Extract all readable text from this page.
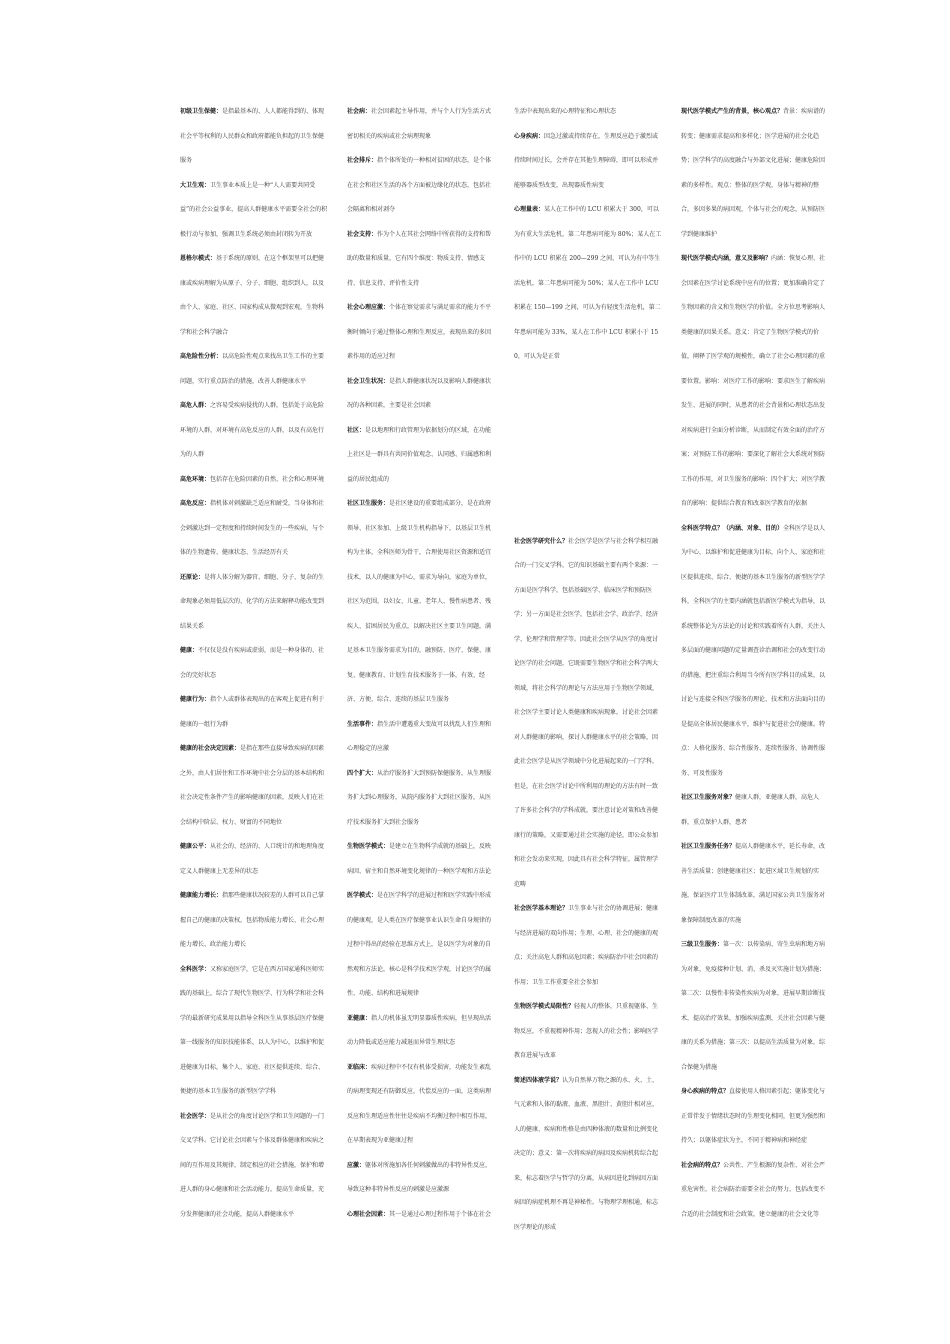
初级卫生保健：是指最基本的、人人都能得到的、体现社会平等权利的人民群众和政府都能负担起的卫生保健服务

大卫生观：卫生事业本质上是一种“人人需要共同受益”的社会公益事业，提高人群健康水平需要全社会的积极行动与参加，强调卫生系统必须由封闭转为开放

恩格尔模式：基于系统的原则，在这个框架里可以把健康或疾病理解为从原子、分子、细胞、组织到人，以及由个人、家庭、社区、国家构成从微观到宏观，生物科学和社会科学融合

高危险性分析：以高危险性观点来找出卫生工作的主要问题，实行重点防治的措施，改善人群健康水平

高危人群：之容易受疾病侵扰的人群，包括处于高危险环境的人群，对环境有高危反应的人群，以及有高危行为的人群

高危环境：包括存在危险因素的自然、社会和心理环境

高危反应：指机体对刺激缺乏适应和耐受，当身体和社会刺激达到一定程度和持续时间发生的一些疾病，与个体的生物遗传、健康状态、生活经历有关

还原论：是将人体分解为器官、细胞、分子、复杂的生命现象必须用低层次的、化学的方法来解释功能改变到结果关系

健康：不仅仅是没有疾病或虚弱，而是一种身体的、社会的完好状态

健康行为：指个人或群体表现出的在客观上促进有利于健康的一组行为群

健康的社会决定因素：是指在那些直接导致疾病的因素之外，由人们居住和工作环境中社会分层的基本结构和社会决定性条件产生的影响健康的因素，反映人们在社会结构中阶层、权力、财富的不同地位

健康公平：从社会的、经济的、人口统计的和地理角度定义人群健康上无差异的状态

健康能力增长：指那些健康状况较差的人群可以自己掌握自己的健康的决策权，包括物质能力增长、社会心理能力增长、政治能力增长

全科医学：又称家庭医学，它是在西方国家通科医师实践的基础上，综合了现代生物医学、行为科学和社会科学的最新研究成果用以指导全科医生从事基层医疗保健第一线服务的知识技能体系，以人为中心，以维护和促进健康为目标，集个人、家庭、社区提供连续、综合、便捷的基本卫生服务的新型医学学科

社会医学：是从社会的角度讨论医学和卫生问题的一门交叉学科。它讨论社会因素与个体及群体健康和疾病之间的互作用及其规律，制定相应的社会措施，保护和增进人群的身心健康和社会活动能力，提高生命质量，充分发挥健康的社会功能，提高人群健康水平

社会病：社会因素起主导作用，并与个人行为生活方式密切相关的疾病或社会病理现象

社会排斥：指个体所处的一种相对贫困的状态，是个体在社会和社区生活的各个方面被边缘化的状态，包括社会隔离和相对剥夺

社会支持：作为个人在其社会网络中所获得的支持和帮助的数量和质量，它有四个维度：物质支持、情感支持、信息支持、评价性支持

社会心理应激：个体在察觉需求与满足需求的能力不平衡时倾向于通过整体心理和生理反应，表现出来的多因素作用的适应过程

社会卫生状况：是指人群健康状况以及影响人群健康状况的各种因素，主要是社会因素

社区：是以地理和行政管理为依据划分的区域，在功能上社区是一群具有共同价值观念、认同感、归属感和利益的居民组成的

社区卫生服务：是社区建设的重要组成部分，是在政府领导、社区参加、上级卫生机构指导下，以基层卫生机构为主体，全科医师为骨干，合理使用社区资源和适宜技术，以人的健康为中心，需求为导向，家庭为单位，社区为范围，以妇女、儿童、老年人、慢性病患者、残疾人、贫困居民为重点，以解决社区主要卫生问题，满足基本卫生服务需求为目的，融预防、医疗、保健、康复、健康教育、计划生育技术服务于一体，有效、经济、方便、综合、连续的基层卫生服务

生活事件：指生活中遭遇重大变故可以扰乱人们生理和心理稳定的应激

四个扩大：从治疗服务扩大到预防保健服务，从生理服务扩大到心理服务，从院内服务扩大到社区服务，从医疗技术服务扩大到社会服务

生物医学模式：是建立在生物科学成就的基础上，反映病因、宿主和自然环境变化规律的一种医学观和方法论

医学模式：是在医学科学的进展过程和医学实践中形成的健康观，是人类在医疗保健事业认识生命自身规律的过程中得出的经验在思维方式上，是以医学为对象的自然观和方法论，核心是科学技术医学观，讨论医学的属性、功能、结构和进展规律

亚健康：指人的机体虽无明显器质性疾病，但呈现出活动力降低或适应能力减退而异常生理状态

亚临床：疾病过程中不仅有机体受损害，功能发生紊乱的病理变现还有防御反应，代偿反应的一面，这类病理反应和生理适应性往往是疾病不均衡过程中相互作用，在早期表现为亚健康过程

应激：躯体对所施加各任何刺激做出的非特异性反应，导致这种非特异性反应的刺激是应激源

心理社会因素：其一是通过心理过程作用于个体在社会

生活中表现出来的心理特征和心理状态

心身疾病：因急过激或持续存在，生理反应趋于激烈或持续时间过长，会并存在其他生理障碍，即可以形成并能够器质型改变，出现器质性病变

心理量表：某人在工作中的 LCU 积累大于 300，可以为有重大生活危机，第二年患病可能为 80%；某人在工作中的 LCU 积累在 200—299 之间，可认为有中等生活危机，第二年患病可能为 50%；某人在工作中 LCU 积累在 150—199 之间，可认为有轻度生活危机，第二年患病可能为 33%，某人在工作中 LCU 积累小于 150，可认为是正常

社会医学研究什么？社会医学是医学与社会科学相互融合的一门交叉学科，它的知识基础主要有两个来源：一方面是医学科学，包括基础医学、临床医学和预防医学；另一方面是社会医学，包括社会学、政治学、经济学、伦理学和管理学等。因此社会医学从医学的角度讨论医学的社会问题，它既需要生物医学和社会科学两大领域，将社会科学的理论与方法应用于生物医学领域，社会医学主要讨论人类健康和疾病现象，讨论社会因素对人群健康的影响，探讨人群健康水平的社会策略，因此社会医学是从医学领域中分化进展起来的一门学科，但是，在社会医学讨论中所利用的理论的方法有时一致了许多社会科学的学科成就，要注意讨论对策和改善健康行的策略，又需要通过社会实施的途径，即公众参加和社会发动来实现，因此具有社会科学特征，属管理学范畴

社会医学基本理论？卫生事业与社会的协调进展；健康与经济进展的双向作用；生理、心理、社会的健康的观点；关注高危人群和高危因素；疾病防治中社会因素的作用；卫生工作重要全社会参加

生物医学模式局限性？轻视人的整体，只重视躯体、生物反应，不重视精神作用；忽视人的社会性；影响医学教育进展与改革

简述四体液学说？认为自然界万物之源的水、火、土、气元素和人体的黏液、血液、黑胆汁、黄胆汁相对应，人的健康、疾病和性格是由四种体液的数量和比例变化决定的；意义：第一次将疾病的病因及疾病机转综合起来，标志着医学与哲学的分离，从病因进化到病因方面病因的病症机理不再是神秘性。与物理学理相通，标志医学理论的形成

现代医学模式产生的背景，核心观点？背景：疾病谱的转变；健康需求提高和多样化；医学进展的社会化趋势；医学科学的高度融合与外部文化进展；健康危险因素的多样性。观点：整体的医学观，身体与精神的整合，多因多果的病因观，个体与社会的观念，从预防医学到健康维护

现代医学模式内涵，意义及影响？内涵：恢复心理、社会因素在医学讨论系统中应有的位置；更加准确肯定了生物因素的含义和生物医学的价值。全方位思考影响人类健康的因果关系。意义：肯定了生物医学模式的价值，阐释了医学观的规模性，确立了社会心理因素的重要位置。影响：对医疗工作的影响：要求医生了解疾病发生、进展的同时，从患者的社会背景和心理状态出发对疾病进行全面分析诊断，从而制定有效全面的治疗方案；对预防工作的影响：要深化了解社会大系统对预防工作的作用，对卫生服务的影响：四个扩大；对医学教育的影响：提供综合教育和改革医学教育的依据

全科医学特点？（内涵、对象、目的）全科医学是以人为中心，以维护和促进健康为目标，向个人、家庭和社区提供连续、综合、便捷的基本卫生服务的新型医学学科，全科医学的主要内涵就包括新医学模式为指导，以系统整体论为方法论的讨论和实践着所有人群，关注人多层面的健康问题的定量调查诊治调和社会的改变行动的措施，把注重综合利用当今所有医学科目的成果，以讨论与连接全科医学服务的理论、技术和方法面向目的是提高全体居民健康水平，维护与促进社会的健康。特点：人格化服务、综合性服务、连续性服务、协调性服务、可及性服务

社区卫生服务对象？健康人群，亚健康人群，高危人群，重点保护人群，患者

社区卫生服务任务？提高人群健康水平，延长寿命，改善生活质量；创建健康社区；促进区域卫生规划的实施，保证医疗卫生体制改革，满足国家公共卫生服务对象保障制度改革的实施

三级卫生服务：第一次：以传染病、寄生虫病和地方病为对象，免疫接种计划、消、杀及灭实施计划为措施；第二次：以慢性非传染性疾病为对象，进展早期诊断技术，提高治疗效果，加强疾病监测，关注社会因素与健康的关系为措施；第三次：以提高生活质量为对象，综合保健为措施

身心疾病的特点？直接使用人格因素引起；躯体变化与正常伴发于情绪状态时的生理变化相同，但更为强烈和持久；以躯体症状为主，不同于精神病和神经症

社会病的特点？公共性、产生根源的复杂性、对社会严重危害性，社会病防治需要全社会的努力，包括改变不合适的社会制度和社会政策，建立健康的社会文化等
